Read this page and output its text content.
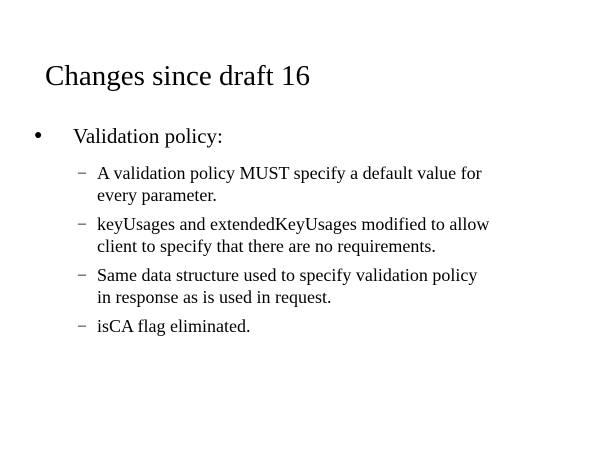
Changes since draft 16
● Validation policy:
– A validation policy MUST specify a default value for
every parameter.
– keyUsages and extendedKeyUsages modified to allow
client to specify that there are no requirements.
– Same data structure used to specify validation policy
in response as is used in request.
– isCA flag eliminated.
